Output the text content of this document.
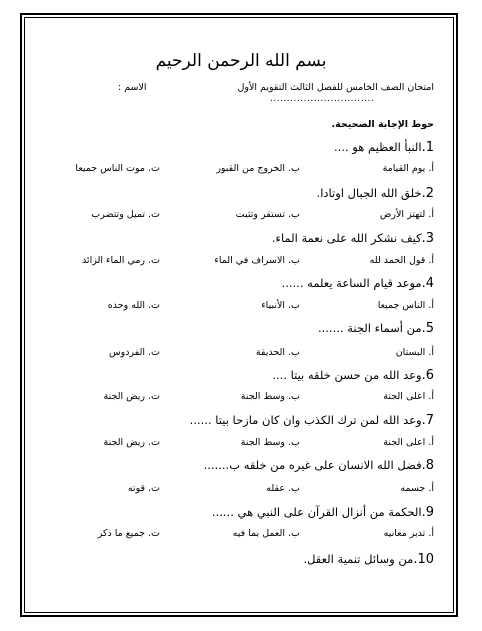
بسم الله الرحمن الرحيم
امتحان الصف الخامس للفصل الثالث التقويم الأول
الاسم :
...............................
حوط الإجابة الصحيحة.
1.النبأ العظيم هو ....
أ. يوم القيامة
ب. الخروج من القبور
ت. موت الناس جميعا
2.خلق الله الجبال اوتادا.
أ. لتهتز الأرض
ب. تستقر وتثبت
ت. تميل وتتضرب
3.كيف نشكر الله على نعمة الماء.
أ. قول الحمد لله
ب. الاسراف في الماء
ت. رمي الماء الزائد
4.موعد قيام الساعة يعلمه ......
أ. الناس جميعا
ب. الأنبياء
ت. الله وحده
5.من أسماء الجنة .......
أ. البستان
ب. الحديقة
ت. الفردوس
6.وعد الله من حسن خلقه بيتا ....
أ. اعلى الجنة
ب. وسط الجنة
ت. ريض الجنة
7.وعد الله لمن ترك الكذب وان كان مازحا بيتا ......
أ. اعلى الجنة
ب. وسط الجنة
ت. ريض الجنة
8.فضل الله الانسان على غيره من خلقه ب.......
أ. جسمه
ب. عقله
ت. قوته
9.الحكمة من أنزال القرآن على النبي هي ......
أ. تدبر معانيه
ب. العمل بما فيه
ت. جميع ما ذكر
10.من وسائل تنمية العقل.
